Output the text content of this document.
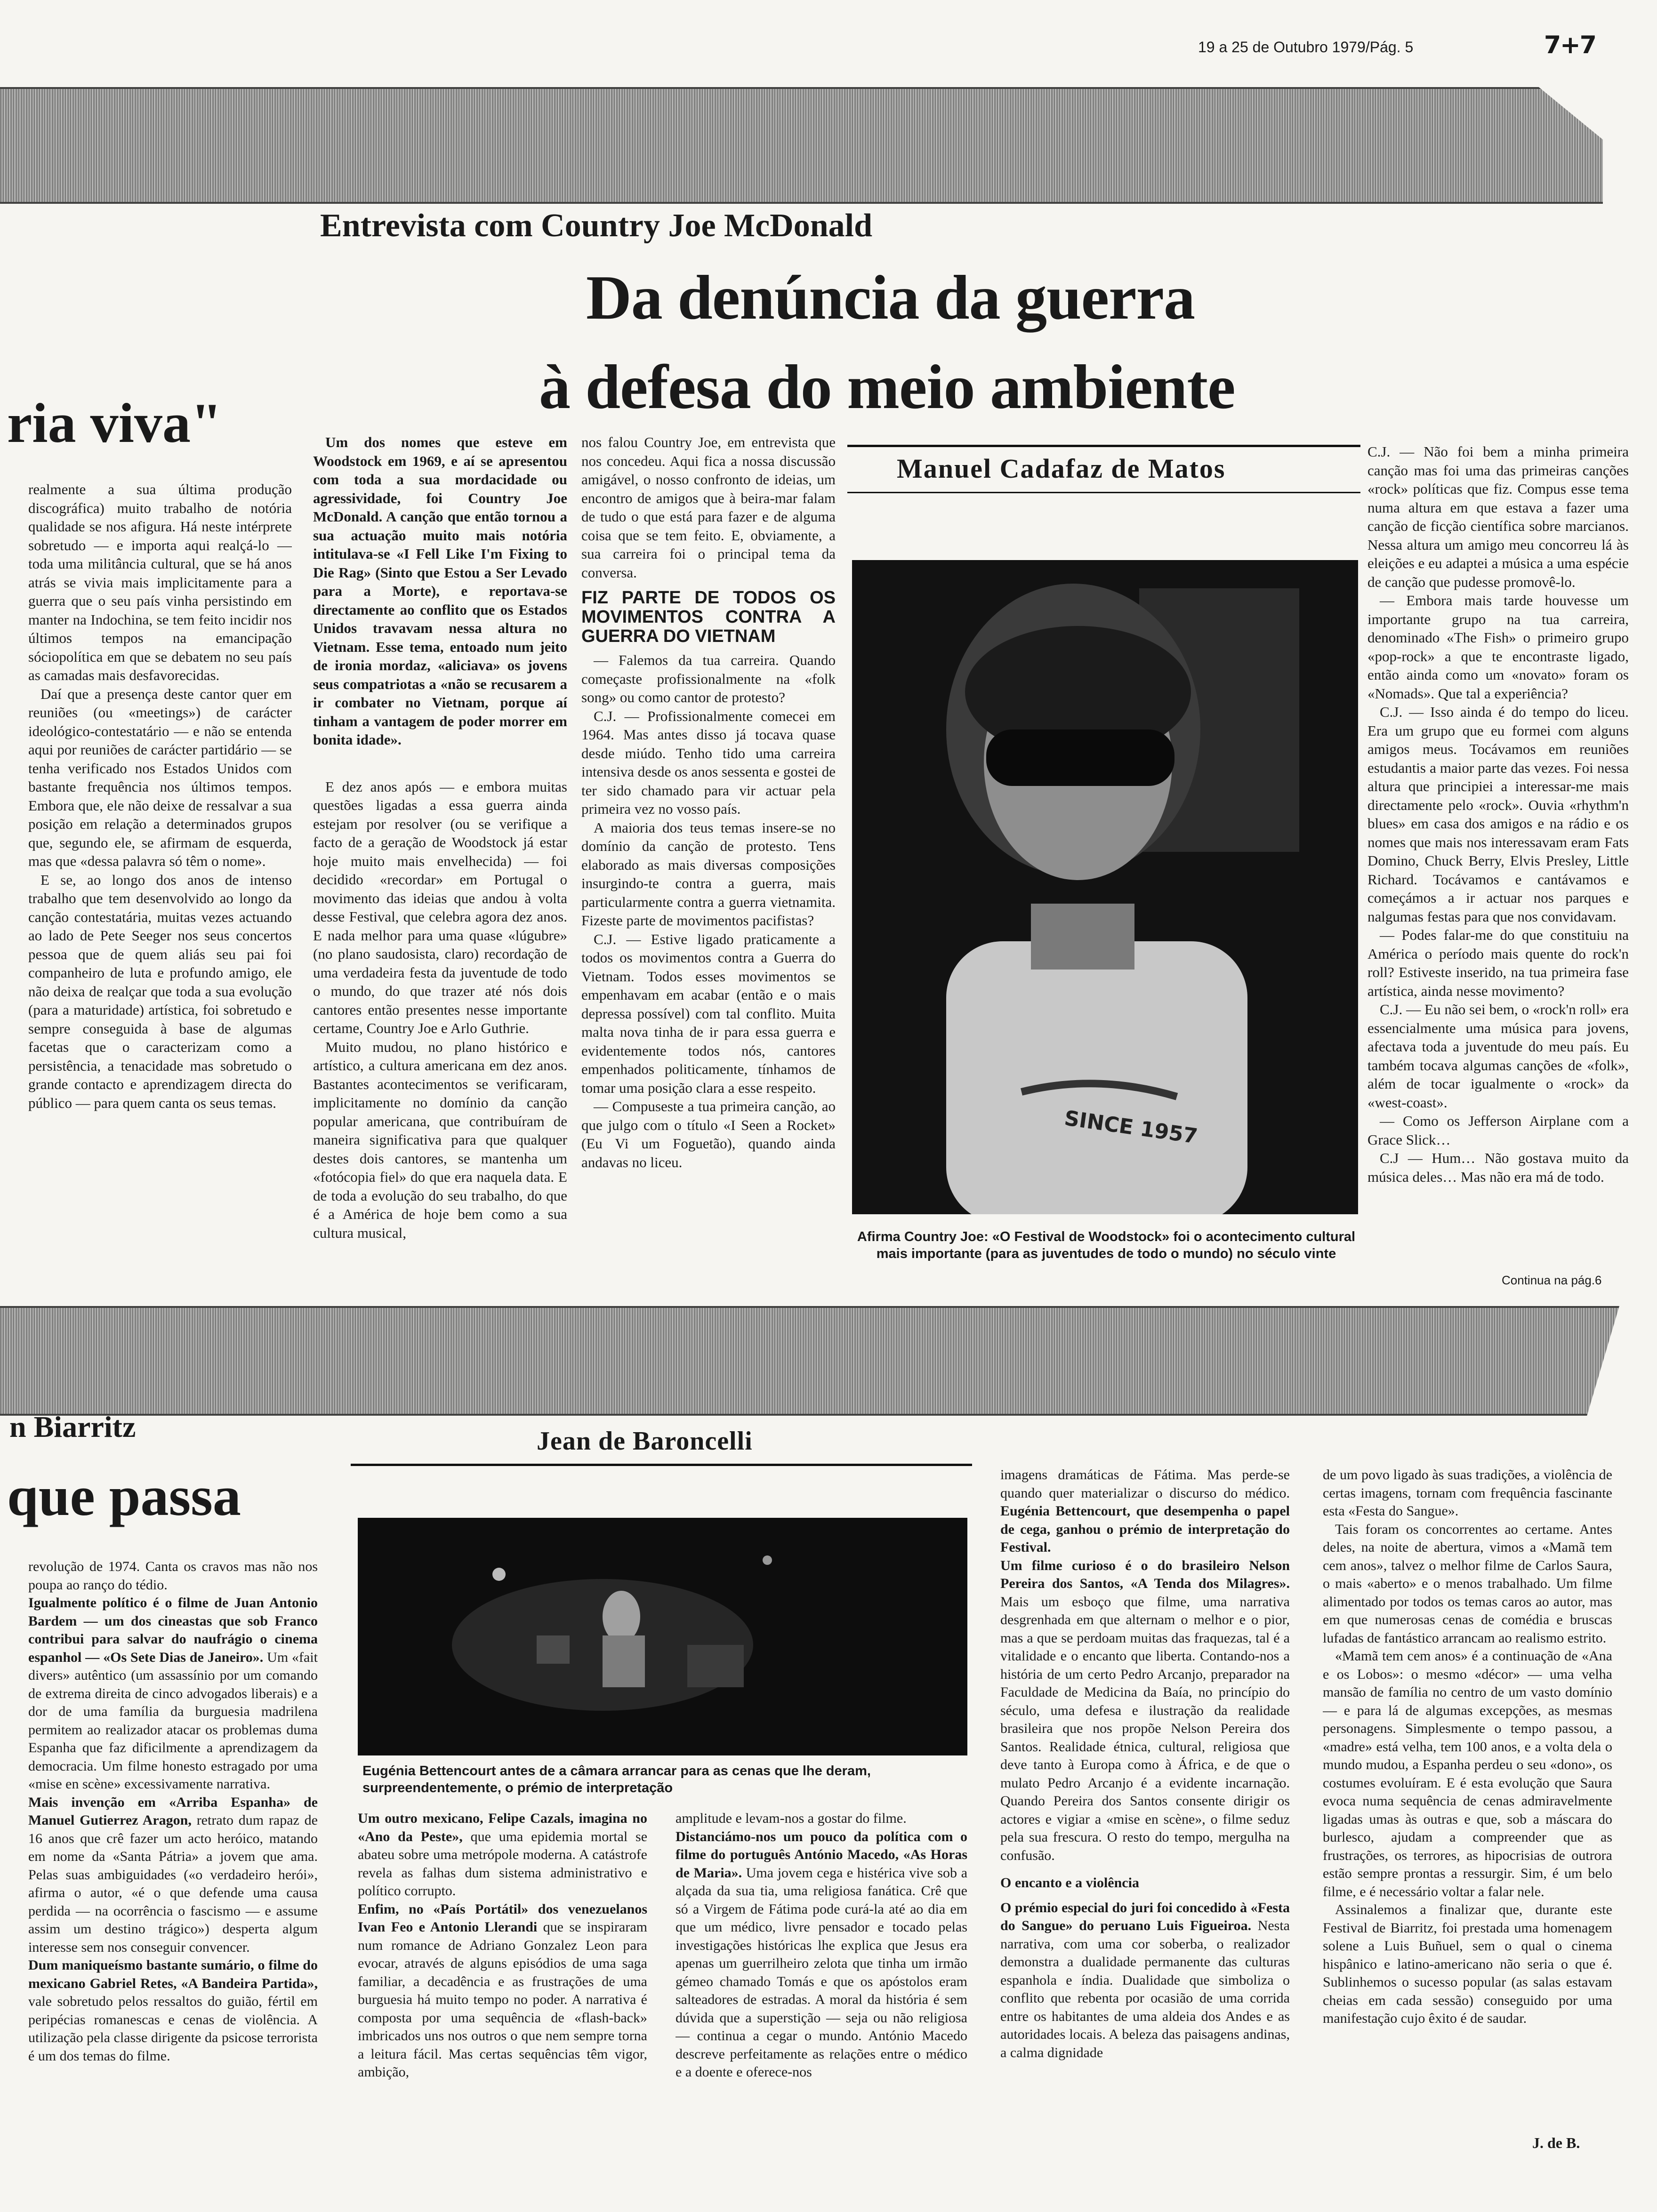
19 a 25 de Outubro 1979/Pág. 5	7+7
Entrevista com Country Joe McDonald
Da denúncia da guerra
à defesa do meio ambiente
ria viva"

realmente a sua última produção discográfica) muito trabalho de notória qualidade se nos afigura. Há neste intérprete sobretudo — e importa aqui realçá-lo — toda uma militância cultural, que se há anos atrás se vivia mais implicitamente para a guerra que o seu país vinha persistindo em manter na Indochina, se tem feito incidir nos últimos tempos na emancipação sóciopolítica em que se debatem no seu país as camadas mais desfavorecidas.

Daí que a presença deste cantor quer em reuniões (ou «meetings») de carácter ideológico-contestatário — e não se entenda aqui por reuniões de carácter partidário — se tenha verificado nos Estados Unidos com bastante frequência nos últimos tempos. Embora que, ele não deixe de ressalvar a sua posição em relação a determinados grupos que, segundo ele, se afirmam de esquerda, mas que «dessa palavra só têm o nome».

E se, ao longo dos anos de intenso trabalho que tem desenvolvido ao longo da canção contestatária, muitas vezes actuando ao lado de Pete Seeger nos seus concertos pessoa que de quem aliás seu pai foi companheiro de luta e profundo amigo, ele não deixa de realçar que toda a sua evolução (para a maturidade) artística, foi sobretudo e sempre conseguida à base de algumas facetas que o caracterizam como a persistência, a tenacidade mas sobretudo o grande contacto e aprendizagem directa do público — para quem canta os seus temas.

Um dos nomes que esteve em Woodstock em 1969, e aí se apresentou com toda a sua mordacidade ou agressividade, foi Country Joe McDonald. A canção que então tornou a sua actuação muito mais notória intitulava-se «I Fell Like I'm Fixing to Die Rag» (Sinto que Estou a Ser Levado para a Morte), e reportava-se directamente ao conflito que os Estados Unidos travavam nessa altura no Vietnam. Esse tema, entoado num jeito de ironia mordaz, «aliciava» os jovens seus compatriotas a «não se recusarem a ir combater no Vietnam, porque aí tinham a vantagem de poder morrer em bonita idade».

E dez anos após — e embora muitas questões ligadas a essa guerra ainda estejam por resolver (ou se verifique a facto de a geração de Woodstock já estar hoje muito mais envelhecida) — foi decidido «recordar» em Portugal o movimento das ideias que andou à volta desse Festival, que celebra agora dez anos. E nada melhor para uma quase «lúgubre» (no plano saudosista, claro) recordação de uma verdadeira festa da juventude de todo o mundo, do que trazer até nós dois cantores então presentes nesse importante certame, Country Joe e Arlo Guthrie.

Muito mudou, no plano histórico e artístico, a cultura americana em dez anos. Bastantes acontecimentos se verificaram, implicitamente no domínio da canção popular americana, que contribuíram de maneira significativa para que qualquer destes dois cantores, se mantenha um «fotócopia fiel» do que era naquela data. E de toda a evolução do seu trabalho, do que é a América de hoje bem como a sua cultura musical,

nos falou Country Joe, em entrevista que nos concedeu. Aqui fica a nossa discussão amigável, o nosso confronto de ideias, um encontro de amigos que à beira-mar falam de tudo o que está para fazer e de alguma coisa que se tem feito. E, obviamente, a sua carreira foi o principal tema da conversa.

FIZ PARTE DE TODOS OS MOVIMENTOS CONTRA A GUERRA DO VIETNAM

— Falemos da tua carreira. Quando começaste profissionalmente na «folk song» ou como cantor de protesto?

C.J. — Profissionalmente comecei em 1964. Mas antes disso já tocava quase desde miúdo. Tenho tido uma carreira intensiva desde os anos sessenta e gostei de ter sido chamado para vir actuar pela primeira vez no vosso país.

A maioria dos teus temas insere-se no domínio da canção de protesto. Tens elaborado as mais diversas composições insurgindo-te contra a guerra, mais particularmente contra a guerra vietnamita. Fizeste parte de movimentos pacifistas?

C.J. — Estive ligado praticamente a todos os movimentos contra a Guerra do Vietnam. Todos esses movimentos se empenhavam em acabar (então e o mais depressa possível) com tal conflito. Muita malta nova tinha de ir para essa guerra e evidentemente todos nós, cantores empenhados politicamente, tínhamos de tomar uma posição clara a esse respeito.

— Compuseste a tua primeira canção, ao que julgo com o título «I Seen a Rocket» (Eu Vi um Foguetão), quando ainda andavas no liceu.

Manuel Cadafaz de Matos
SINCE 1957
Afirma Country Joe: «O Festival de Woodstock» foi o acontecimento cultural mais importante (para as juventudes de todo o mundo) no século vinte

C.J. — Não foi bem a minha primeira canção mas foi uma das primeiras canções «rock» políticas que fiz. Compus esse tema numa altura em que estava a fazer uma canção de ficção científica sobre marcianos. Nessa altura um amigo meu concorreu lá às eleições e eu adaptei a música a uma espécie de canção que pudesse promovê-lo.

— Embora mais tarde houvesse um importante grupo na tua carreira, denominado «The Fish» o primeiro grupo «pop-rock» a que te encontraste ligado, então ainda como um «novato» foram os «Nomads». Que tal a experiência?

C.J. — Isso ainda é do tempo do liceu. Era um grupo que eu formei com alguns amigos meus. Tocávamos em reuniões estudantis a maior parte das vezes. Foi nessa altura que principiei a interessar-me mais directamente pelo «rock». Ouvia «rhythm'n blues» em casa dos amigos e na rádio e os nomes que mais nos interessavam eram Fats Domino, Chuck Berry, Elvis Presley, Little Richard. Tocávamos e cantávamos e começámos a ir actuar nos parques e nalgumas festas para que nos convidavam.

— Podes falar-me do que constituiu na América o período mais quente do rock'n roll? Estiveste inserido, na tua primeira fase artística, ainda nesse movimento?

C.J. — Eu não sei bem, o «rock'n roll» era essencialmente uma música para jovens, afectava toda a juventude do meu país. Eu também tocava algumas canções de «folk», além de tocar igualmente o «rock» da «west-coast».

— Como os Jefferson Airplane com a Grace Slick…

C.J — Hum… Não gostava muito da música deles… Mas não era má de todo.

Continua na pág.6
n Biarritz
que passa
Jean de Baroncelli
Eugénia Bettencourt antes de a câmara arrancar para as cenas que lhe deram, surpreendentemente, o prémio de interpretação

revolução de 1974. Canta os cravos mas não nos poupa ao ranço do tédio.

Igualmente político é o filme de Juan Antonio Bardem — um dos cineastas que sob Franco contribui para salvar do naufrágio o cinema espanhol — «Os Sete Dias de Janeiro». Um «fait divers» autêntico (um assassínio por um comando de extrema direita de cinco advogados liberais) e a dor de uma família da burguesia madrilena permitem ao realizador atacar os problemas duma Espanha que faz dificilmente a aprendizagem da democracia. Um filme honesto estragado por uma «mise en scène» excessivamente narrativa.

Mais invenção em «Arriba Espanha» de Manuel Gutierrez Aragon, retrato dum rapaz de 16 anos que crê fazer um acto heróico, matando em nome da «Santa Pátria» a jovem que ama. Pelas suas ambiguidades («o verdadeiro herói», afirma o autor, «é o que defende uma causa perdida — na ocorrência o fascismo — e assume assim um destino trágico») desperta algum interesse sem nos conseguir convencer.

Dum maniqueísmo bastante sumário, o filme do mexicano Gabriel Retes, «A Bandeira Partida», vale sobretudo pelos ressaltos do guião, fértil em peripécias romanescas e cenas de violência. A utilização pela classe dirigente da psicose terrorista é um dos temas do filme.

Um outro mexicano, Felipe Cazals, imagina no «Ano da Peste», que uma epidemia mortal se abateu sobre uma metrópole moderna. A catástrofe revela as falhas dum sistema administrativo e político corrupto.

Enfim, no «País Portátil» dos venezuelanos Ivan Feo e Antonio Llerandi que se inspiraram num romance de Adriano Gonzalez Leon para evocar, através de alguns episódios de uma saga familiar, a decadência e as frustrações de uma burguesia há muito tempo no poder. A narrativa é composta por uma sequência de «flash-back» imbricados uns nos outros o que nem sempre torna a leitura fácil. Mas certas sequências têm vigor, ambição,

amplitude e levam-nos a gostar do filme.

Distanciámo-nos um pouco da política com o filme do português António Macedo, «As Horas de Maria». Uma jovem cega e histérica vive sob a alçada da sua tia, uma religiosa fanática. Crê que só a Virgem de Fátima pode curá-la até ao dia em que um médico, livre pensador e tocado pelas investigações históricas lhe explica que Jesus era apenas um guerrilheiro zelota que tinha um irmão gémeo chamado Tomás e que os apóstolos eram salteadores de estradas. A moral da história é sem dúvida que a superstição — seja ou não religiosa — continua a cegar o mundo. António Macedo descreve perfeitamente as relações entre o médico e a doente e oferece-nos

imagens dramáticas de Fátima. Mas perde-se quando quer materializar o discurso do médico. Eugénia Bettencourt, que desempenha o papel de cega, ganhou o prémio de interpretação do Festival.

Um filme curioso é o do brasileiro Nelson Pereira dos Santos, «A Tenda dos Milagres». Mais um esboço que filme, uma narrativa desgrenhada em que alternam o melhor e o pior, mas a que se perdoam muitas das fraquezas, tal é a vitalidade e o encanto que liberta. Contando-nos a história de um certo Pedro Arcanjo, preparador na Faculdade de Medicina da Baía, no princípio do século, uma defesa e ilustração da realidade brasileira que nos propõe Nelson Pereira dos Santos. Realidade étnica, cultural, religiosa que deve tanto à Europa como à África, e de que o mulato Pedro Arcanjo é a evidente incarnação. Quando Pereira dos Santos consente dirigir os actores e vigiar a «mise en scène», o filme seduz pela sua frescura. O resto do tempo, mergulha na confusão.

O encanto e a violência

O prémio especial do juri foi concedido à «Festa do Sangue» do peruano Luis Figueiroa. Nesta narrativa, com uma cor soberba, o realizador demonstra a dualidade permanente das culturas espanhola e índia. Dualidade que simboliza o conflito que rebenta por ocasião de uma corrida entre os habitantes de uma aldeia dos Andes e as autoridades locais. A beleza das paisagens andinas, a calma dignidade

de um povo ligado às suas tradições, a violência de certas imagens, tornam com frequência fascinante esta «Festa do Sangue».

Tais foram os concorrentes ao certame. Antes deles, na noite de abertura, vimos a «Mamã tem cem anos», talvez o melhor filme de Carlos Saura, o mais «aberto» e o menos trabalhado. Um filme alimentado por todos os temas caros ao autor, mas em que numerosas cenas de comédia e bruscas lufadas de fantástico arrancam ao realismo estrito.

«Mamã tem cem anos» é a continuação de «Ana e os Lobos»: o mesmo «décor» — uma velha mansão de família no centro de um vasto domínio — e para lá de algumas excepções, as mesmas personagens. Simplesmente o tempo passou, a «madre» está velha, tem 100 anos, e a volta dela o mundo mudou, a Espanha perdeu o seu «dono», os costumes evoluíram. E é esta evolução que Saura evoca numa sequência de cenas admiravelmente ligadas umas às outras e que, sob a máscara do burlesco, ajudam a compreender que as frustrações, os terrores, as hipocrisias de outrora estão sempre prontas a ressurgir. Sim, é um belo filme, e é necessário voltar a falar nele.

Assinalemos a finalizar que, durante este Festival de Biarritz, foi prestada uma homenagem solene a Luis Buñuel, sem o qual o cinema hispânico e latino-americano não seria o que é. Sublinhemos o sucesso popular (as salas estavam cheias em cada sessão) conseguido por uma manifestação cujo êxito é de saudar.

J. de B.
